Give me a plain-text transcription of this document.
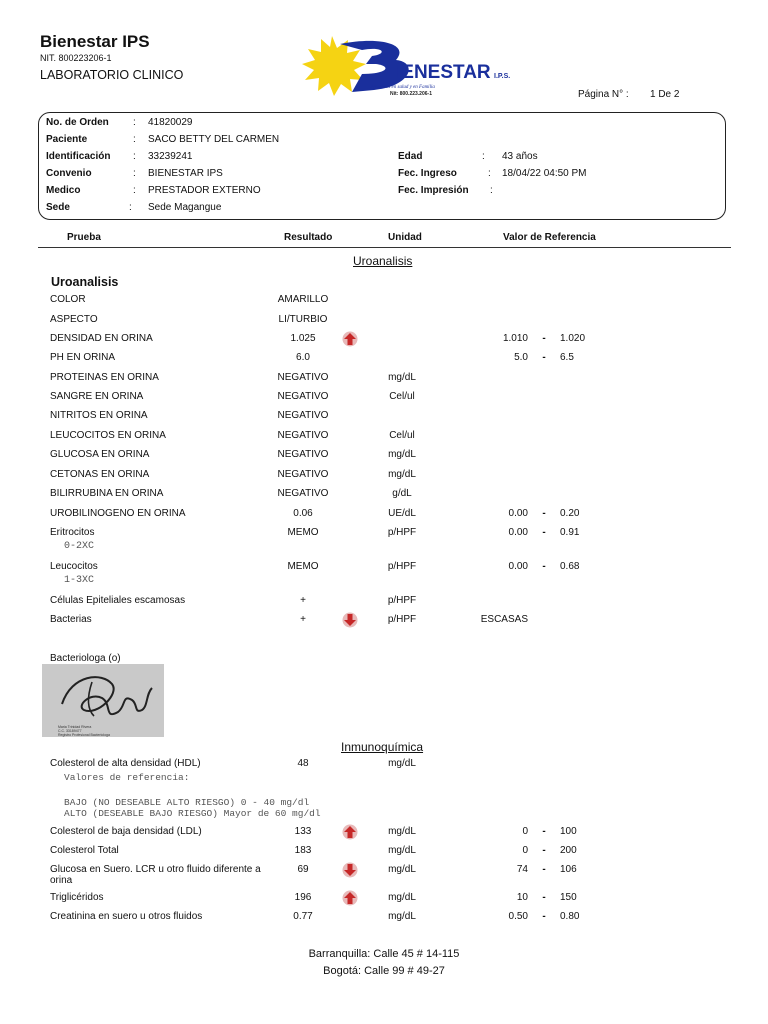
Bienestar IPS
NIT. 800223206-1
LABORATORIO CLINICO	IENESTAR I.P.S.
Pensamos en salud y en Familia
Nit: 800.223.206-1	Página N° : 1 De 2
No. de Orden : 41820029
Paciente	: SACO BETTY DEL CARMEN
Identificación : 33239241
Convenio	: BIENESTAR IPS
Medico	: PRESTADOR EXTERNO
Sede	: Sede Magangue
Edad	: 43 años
Fec. Ingreso	: 18/04/22 04:50 PM
Fec. Impresión :
Prueba	Resultado	Unidad	Valor de Referencia
Uroanalisis
Uroanalisis
COLOR	AMARILLO
ASPECTO	LI/TURBIO
DENSIDAD EN ORINA	1.025	1.010 - 1.020
PH EN ORINA	6.0	5.0 - 6.5
PROTEINAS EN ORINA	NEGATIVO	mg/dL
SANGRE EN ORINA	NEGATIVO	Cel/ul
NITRITOS EN ORINA	NEGATIVO
LEUCOCITOS EN ORINA	NEGATIVO	Cel/ul
GLUCOSA EN ORINA	NEGATIVO	mg/dL
CETONAS EN ORINA	NEGATIVO	mg/dL
BILIRRUBINA EN ORINA	NEGATIVO	g/dL
UROBILINOGENO EN ORINA	0.06	UE/dL	0.00 - 0.20
Eritrocitos	MEMO	p/HPF	0.00 - 0.91
0-2XC
Leucocitos	MEMO	p/HPF	0.00 - 0.68
1-3XC
Células Epiteliales escamosas	+	p/HPF
Bacterias	+	p/HPF	ESCASAS
Bacteriologa (o)
Maria Trinidad Rivera
C.C. 33189477
Registro Profesional Bacteriologa
Inmunoquímica
Colesterol de alta densidad (HDL)	48	mg/dL
Valores de referencia:
BAJO (NO DESEABLE ALTO RIESGO) 0 - 40 mg/dl
ALTO (DESEABLE BAJO RIESGO) Mayor de 60 mg/dl
Colesterol de baja densidad (LDL)	133	mg/dL	0 - 100
Colesterol Total	183	mg/dL	0 - 200
Glucosa en Suero. LCR u otro fluido diferente a	69	mg/dL	74 - 106
orina
Triglicéridos	196	mg/dL	10 - 150
Creatinina en suero u otros fluidos	0.77	mg/dL	0.50 - 0.80
Barranquilla: Calle 45 # 14-115
Bogotá: Calle 99 # 49-27
